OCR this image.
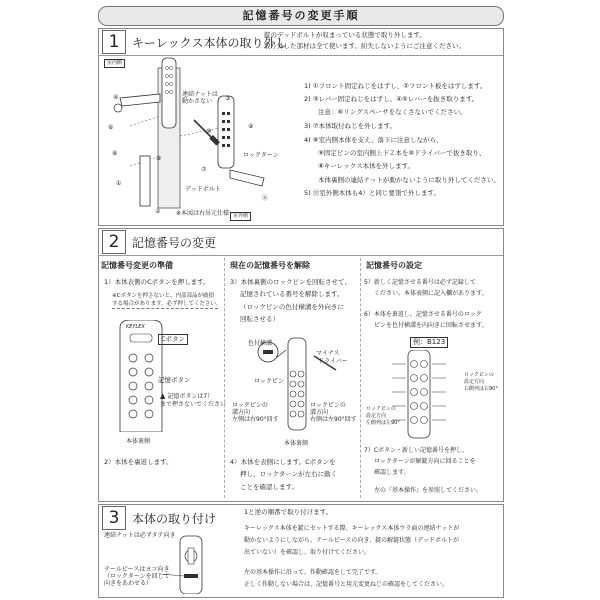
記憶番号の変更手順
1	キーレックス本体の取り外し
錠のデッドボルトが収まっている状態で取り外します。
取り外した部材は全て使います。紛失しないようにご注意ください。
室内側
室外側
連結ナットは動かさない
ロックターン
デッドボルト
※本図は右吊元仕様
④
⑥
③
⑧
①
②
⑩
⑦
⑨
⑪
⑨
1) ①フロント固定ねじをはずし、②フロント板をはずします。
2) ③レバー固定ねじをはずし、④⑤レバーを抜き取ります。
注意：⑥リングスペーサをなくさないでください。
3) ⑦本体取付ねじを外します。
4) ⑧室内側本体を支え、落下に注意しながら、
⑨固定ピンの室内側上下２本を⑩ドライバーで抜き取り、
⑧キーレックス本体を外します。
本体裏側の連結ナットが動かないように取り外してください。
5) ⑪室外側本体も4）と同じ要領で外します。
2	記憶番号の変更
記憶番号変更の準備
1）本体表側のCボタンを押します。
※Cボタンを押さないと、内部部品が破損
する場合があります。必ず押してください。
KEYLEX
Cボタン
記憶ボタン
▲ 記憶ボタンは7）
まで押さないでください
本体裏側
2）本体を裏返します。
現在の記憶番号を解除
3）本体裏側のロックピンを回転させて、
記憶されている番号を解除します。
（ロックピンの色付横溝を外向きに
回転させる）
色付横溝
マイナス
ドライバー
ロックピン
ロックピンの
溝方向
左側は右90°回す
ロックピンの
溝方向
右側は左90°回す
本体裏側
4）本体を表側にします。Cボタンを
押し、ロックターンが左右に動く
ことを確認します。
記憶番号の設定
5）新しく記憶させる番号は必ず記録して
ください。本体表側に記入欄があります。
6）本体を裏返し、記憶させる番号のロック
ピンを色付横溝を内向きに回転させます。
例：B123
ロックピンの
設定方向
右側列は右90°
ロックピンの
設定方向
左側列は左90°
7）Cボタン・新しい記憶番号を押し、
ロックターンが解錠方向に回ることを
確認します。
左の『基本操作』を参照してください。
3	本体の取り付け
連結ナットは必ずタテ向き
テールピースはヨコ向き
（ロックターンを回して
向きをあわせる）
1と逆の順番で取り付けます。
キーレックス本体を錠にセットする際、キーレックス本体ウラ面の連結ナットが
動かないようにしながら、テールピースの向き、錠の解錠状態（デッドボルトが
出ていない）を確認し、取り付けてください。
左の基本操作に沿って、作動確認をして完了です。
正しく作動しない場合は、記憶番号と用元変更ねじの確認をしてください。
